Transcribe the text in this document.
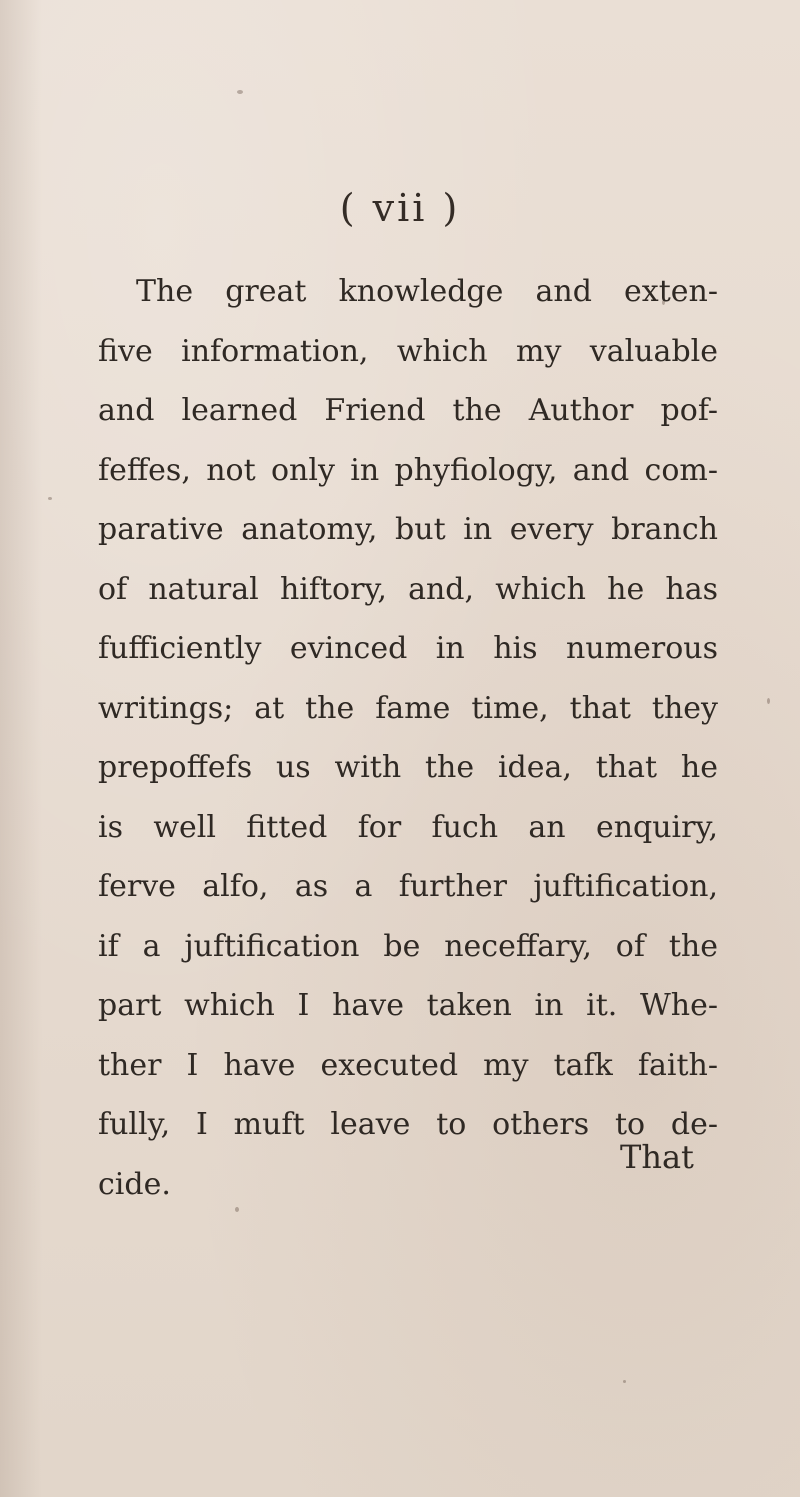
( vii )
The great knowledge and exten-
five information, which my valuable
and learned Friend the Author pof-
feffes, not only in phyfiology, and com-
parative anatomy, but in every branch
of natural hiftory, and, which he has
fufficiently evinced in his numerous
writings; at the fame time, that they
prepoffefs us with the idea, that he
is well fitted for fuch an enquiry,
ferve alfo, as a further juftification,
if a juftification be neceffary, of the
part which I have taken in it. Whe-
ther I have executed my tafk faith-
fully, I muft leave to others to de-
cide.
That
